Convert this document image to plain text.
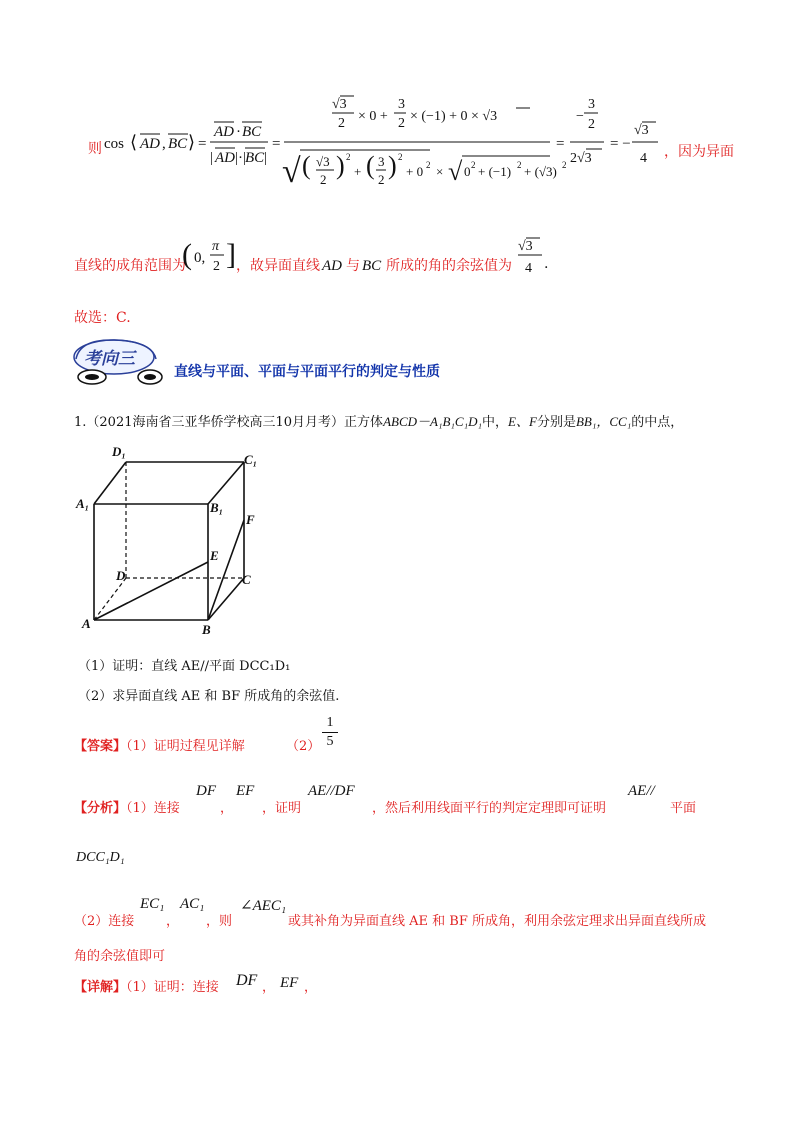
则 cos ⟨ AD , BC ⟩ =
AD · BC
| AD |·|
BC |
=
√3
2 × 0 +
3
2 × (−1) + 0 × √3
√ ( √3
2 ) 2
+ ( 3
2 ) 2
+ 0 2 × √ 0 2 + (−1) 2 + (√3) 2
=
−
3
2
2√3
= −
√3
4 ，因为异面
直线的成角范围为
( 0,
π
2 ] ，故异面直线 AD 与 BC 所成的角的余弦值为
√3
4 .
故选：C.
考向三
直线与平面、平面与平面平行的判定与性质
1.（2021海南省三亚华侨学校高三10月月考）正方体ABCD－A₁B₁C₁D₁中，E、F分别是BB₁，CC₁的中点，
D₁
C₁
A₁	B₁
F
E
D	C
A	B
（1）证明：直线 AE//平面 DCC₁D₁
（2）求异面直线 AE 和 BF 所成角的余弦值.
【答案】（1）证明过程见详解	$(2) \frac{1}{5}$
【分析】（1）连接
DF
，
EF
，证明
AE//DF
，然后利用线面平行的判定定理即可证明
AE//
平面
DCC₁D₁
（2）连接
EC₁
，
AC₁
，则
∠AEC₁
或其补角为异面直线 AE 和 BF 所成角，利用余弦定理求出异面直线所成
角的余弦值即可
【详解】（1）证明：连接 DF ， EF ，
